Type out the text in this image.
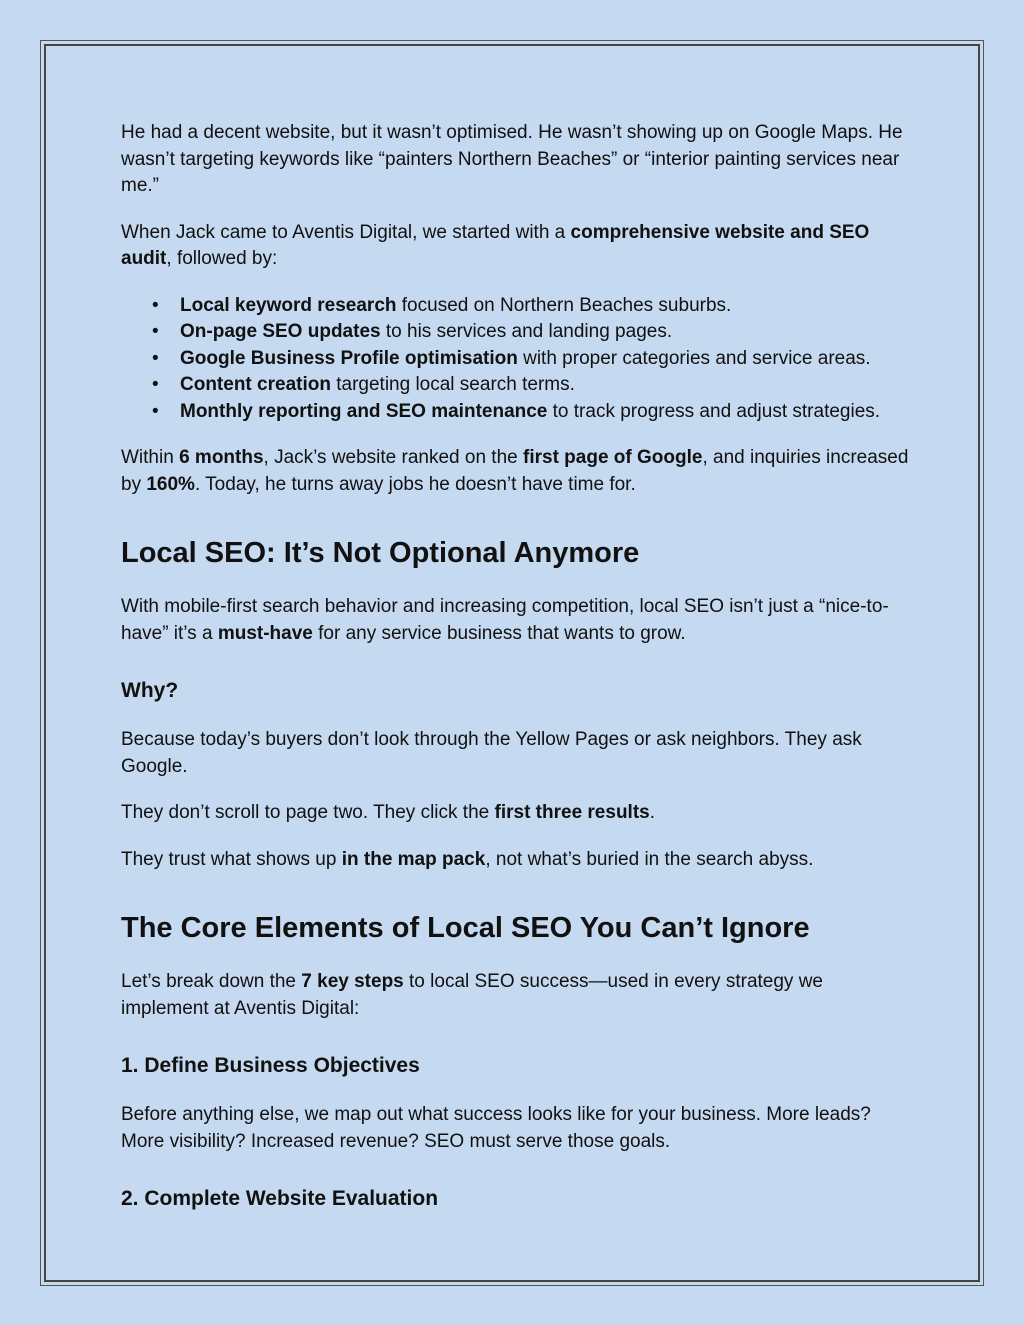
He had a decent website, but it wasn’t optimised. He wasn’t showing up on Google Maps. He wasn’t targeting keywords like “painters Northern Beaches” or “interior painting services near me.”

When Jack came to Aventis Digital, we started with a comprehensive website and SEO audit, followed by:

• Local keyword research focused on Northern Beaches suburbs.
• On-page SEO updates to his services and landing pages.
• Google Business Profile optimisation with proper categories and service areas.
• Content creation targeting local search terms.
• Monthly reporting and SEO maintenance to track progress and adjust strategies.

Within 6 months, Jack’s website ranked on the first page of Google, and inquiries increased by 160%. Today, he turns away jobs he doesn’t have time for.

Local SEO: It’s Not Optional Anymore

With mobile-first search behavior and increasing competition, local SEO isn’t just a “nice-to-have” it’s a must-have for any service business that wants to grow.

Why?

Because today’s buyers don’t look through the Yellow Pages or ask neighbors. They ask Google.

They don’t scroll to page two. They click the first three results.

They trust what shows up in the map pack, not what’s buried in the search abyss.

The Core Elements of Local SEO You Can’t Ignore

Let’s break down the 7 key steps to local SEO success—used in every strategy we implement at Aventis Digital:

1. Define Business Objectives

Before anything else, we map out what success looks like for your business. More leads? More visibility? Increased revenue? SEO must serve those goals.

2. Complete Website Evaluation
